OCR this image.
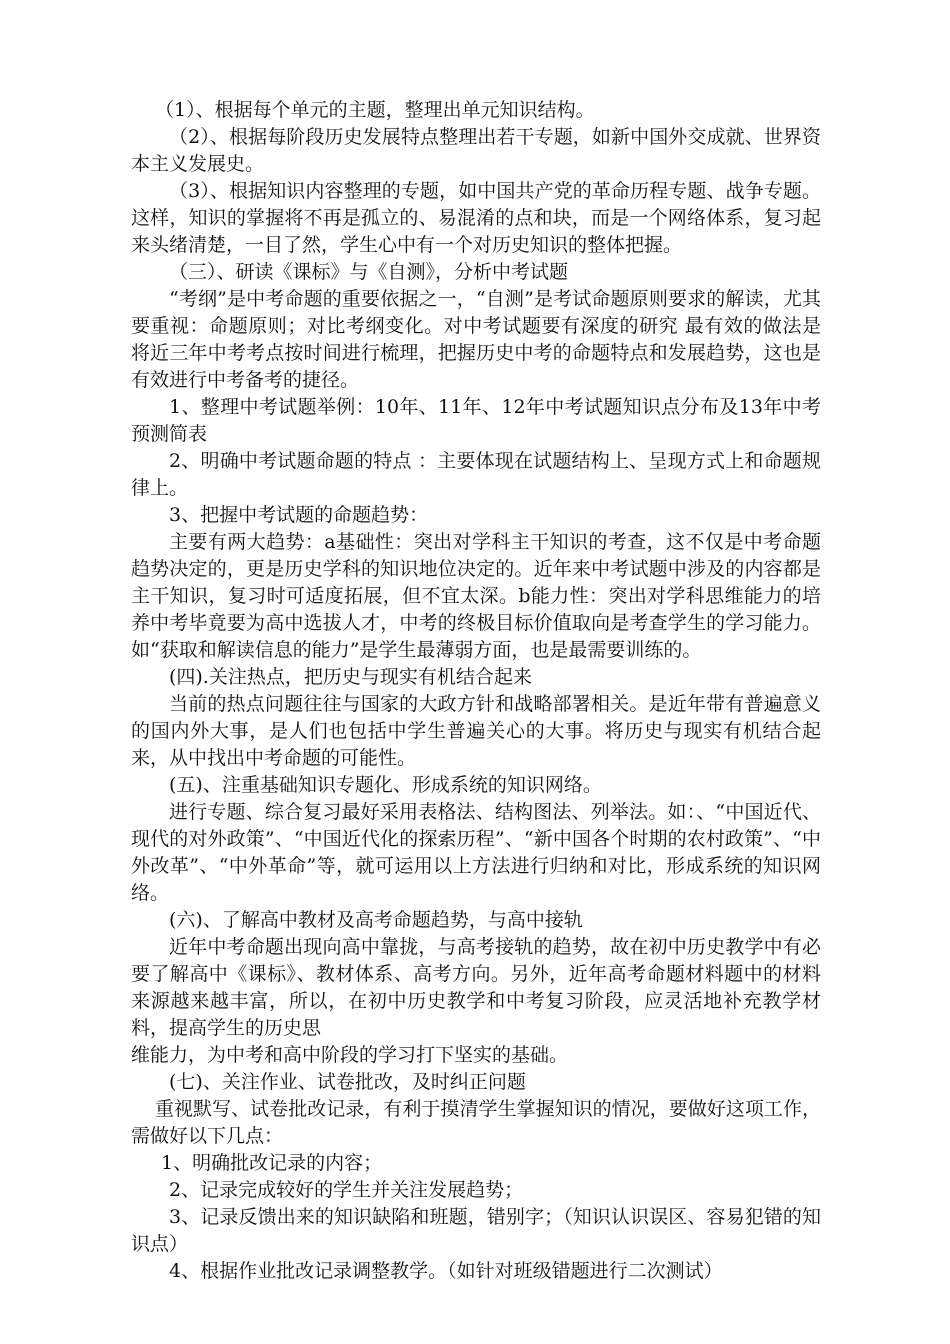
（1）、根据每个单元的主题，整理出单元知识结构。

（2）、根据每阶段历史发展特点整理出若干专题，如新中国外交成就、世界资本主义发展史。

（3）、根据知识内容整理的专题，如中国共产党的革命历程专题、战争专题。这样，知识的掌握将不再是孤立的、易混淆的点和块，而是一个网络体系，复习起来头绪清楚，一目了然，学生心中有一个对历史知识的整体把握。

（三）、研读《课标》与《自测》，分析中考试题

“考纲”是中考命题的重要依据之一，“自测”是考试命题原则要求的解读，尤其要重视：命题原则；对比考纲变化。对中考试题要有深度的研究 最有效的做法是将近三年中考考点按时间进行梳理，把握历史中考的命题特点和发展趋势，这也是有效进行中考备考的捷径。

1、整理中考试题举例：10年、11年、12年中考试题知识点分布及13年中考预测简表

2、明确中考试题命题的特点 ：主要体现在试题结构上、呈现方式上和命题规律上。

3、把握中考试题的命题趋势：

主要有两大趋势：a基础性：突出对学科主干知识的考查，这不仅是中考命题趋势决定的，更是历史学科的知识地位决定的。近年来中考试题中涉及的内容都是主干知识，复习时可适度拓展，但不宜太深。b能力性：突出对学科思维能力的培养中考毕竟要为高中选拔人才，中考的终极目标价值取向是考查学生的学习能力。 如“获取和解读信息的能力”是学生最薄弱方面，也是最需要训练的。

(四).关注热点，把历史与现实有机结合起来

当前的热点问题往往与国家的大政方针和战略部署相关。是近年带有普遍意义的国内外大事，是人们也包括中学生普遍关心的大事。将历史与现实有机结合起来，从中找出中考命题的可能性。

(五)、注重基础知识专题化、形成系统的知识网络。

进行专题、综合复习最好采用表格法、结构图法、列举法。如：、“中国近代、现代的对外政策”、“中国近代化的探索历程”、“新中国各个时期的农村政策”、“中外改革”、“中外革命”等，就可运用以上方法进行归纳和对比，形成系统的知识网络。

(六)、了解高中教材及高考命题趋势，与高中接轨

近年中考命题出现向高中靠拢，与高考接轨的趋势，故在初中历史教学中有必要了解高中《课标》、教材体系、高考方向。另外，近年高考命题材料题中的材料来源越来越丰富，所以，在初中历史教学和中考复习阶段，应灵活地补充教学材料，提高学生的历史思

维能力，为中考和高中阶段的学习打下坚实的基础。

(七)、关注作业、试卷批改，及时纠正问题

重视默写、试卷批改记录，有利于摸清学生掌握知识的情况，要做好这项工作，需做好以下几点：

1、明确批改记录的内容；

2、记录完成较好的学生并关注发展趋势；

3、记录反馈出来的知识缺陷和班题，错别字；（知识认识误区、容易犯错的知识点）

4、根据作业批改记录调整教学。（如针对班级错题进行二次测试）
